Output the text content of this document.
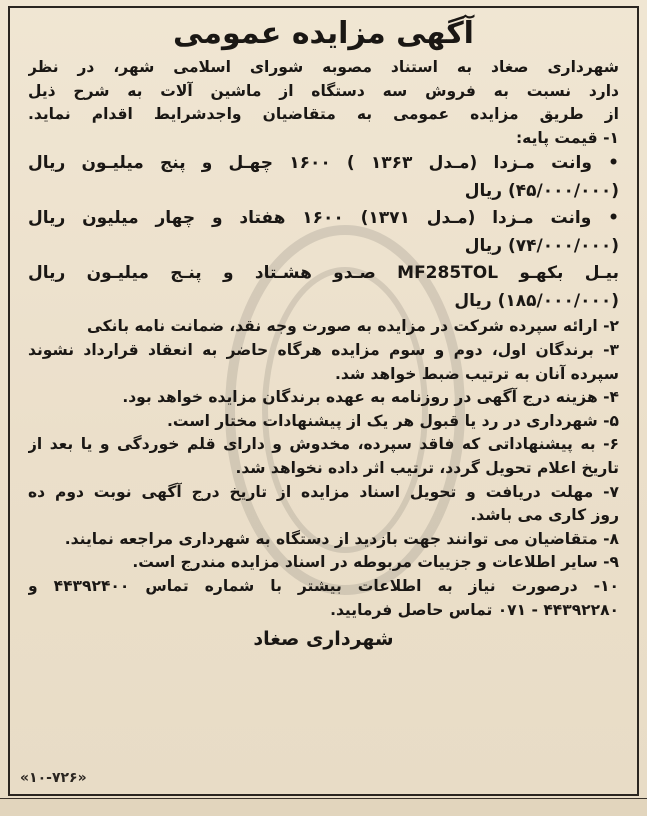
آگهی مزایده عمومی
شهرداری صغاد به استناد مصوبه شورای اسلامی شهر، در نظر
دارد نسبت به فروش سه دستگاه از ماشین آلات به شرح ذیل
از طریق مزایده عمومی به متقاضیان واجدشرایط اقدام نماید.
۱- قیمت پایه:
• وانت مـزدا (مـدل ۱۳۶۳ ) ۱۶۰۰ چهـل و پنج میلیـون ریال
(۴۵/۰۰۰/۰۰۰) ریال
• وانت مـزدا (مـدل ۱۳۷۱) ۱۶۰۰ هفتاد و چهار میلیون ریال
(۷۴/۰۰۰/۰۰۰) ریال
بیـل بکهـو MF285TOL صـدو هشـتاد و پنـج میلیـون ریال
(۱۸۵/۰۰۰/۰۰۰) ریال
۲- ارائه سپرده شرکت در مزایده به صورت وجه نقد، ضمانت نامه بانکی
۳- برندگان اول، دوم و سوم مزایده هرگاه حاضر به انعقاد قرارداد نشوند
سپرده آنان به ترتیب ضبط خواهد شد.
۴- هزینه درج آگهی در روزنامه به عهده برندگان مزایده خواهد بود.
۵- شهرداری در رد یا قبول هر یک از پیشنهادات مختار است.
۶- به پیشنهاداتی که فاقد سپرده، مخدوش و دارای قلم خوردگی و یا بعد از
تاریخ اعلام تحویل گردد، ترتیب اثر داده نخواهد شد.
۷- مهلت دریافت و تحویل اسناد مزایده از تاریخ درج آگهی نوبت دوم ده
روز کاری می باشد.
۸- متقاضیان می توانند جهت بازدید از دستگاه به شهرداری مراجعه نمایند.
۹- سایر اطلاعات و جزییات مربوطه در اسناد مزایده مندرج است.
۱۰- درصورت نیاز به اطلاعات بیشتر با شماره تماس ۴۴۳۹۲۴۰۰ و
۴۴۳۹۲۲۸۰ - ۰۷۱ تماس حاصل فرمایید.
شهرداری صغاد
«۱۰-۷۲۶»
